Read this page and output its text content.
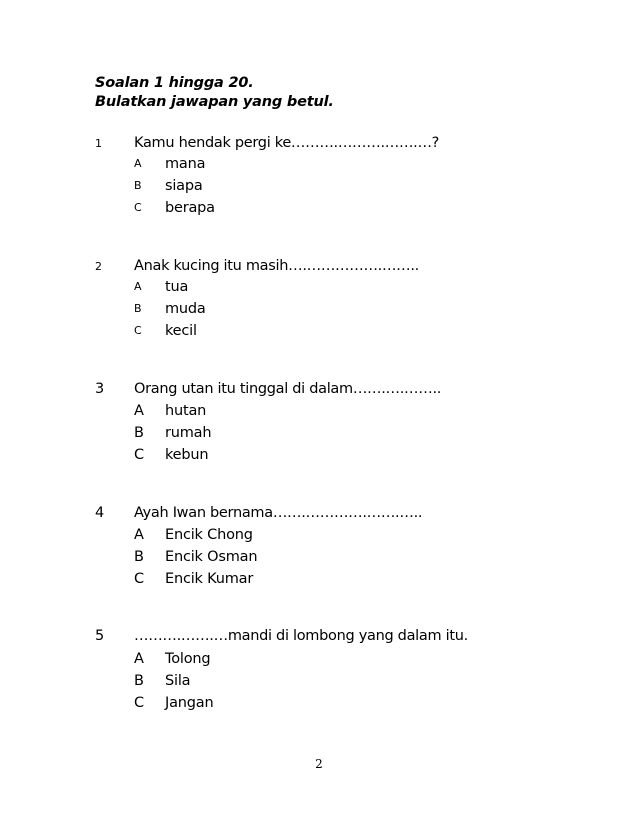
Soalan 1 hingga 20.
Bulatkan jawapan yang betul.
1 Kamu hendak pergi ke……….……….…….…?
A mana
B siapa
C berapa
2 Anak kucing itu masih….…………….……..
A tua
B muda
C kecil
3 Orang utan itu tinggal di dalam…….….……..
A hutan
B rumah
C kebun
4 Ayah Iwan bernama…….………….…….…..
A Encik Chong
B Encik Osman
C Encik Kumar
5 ……….…….…mandi di lombong yang dalam itu.
A Tolong
B Sila
C Jangan
2
